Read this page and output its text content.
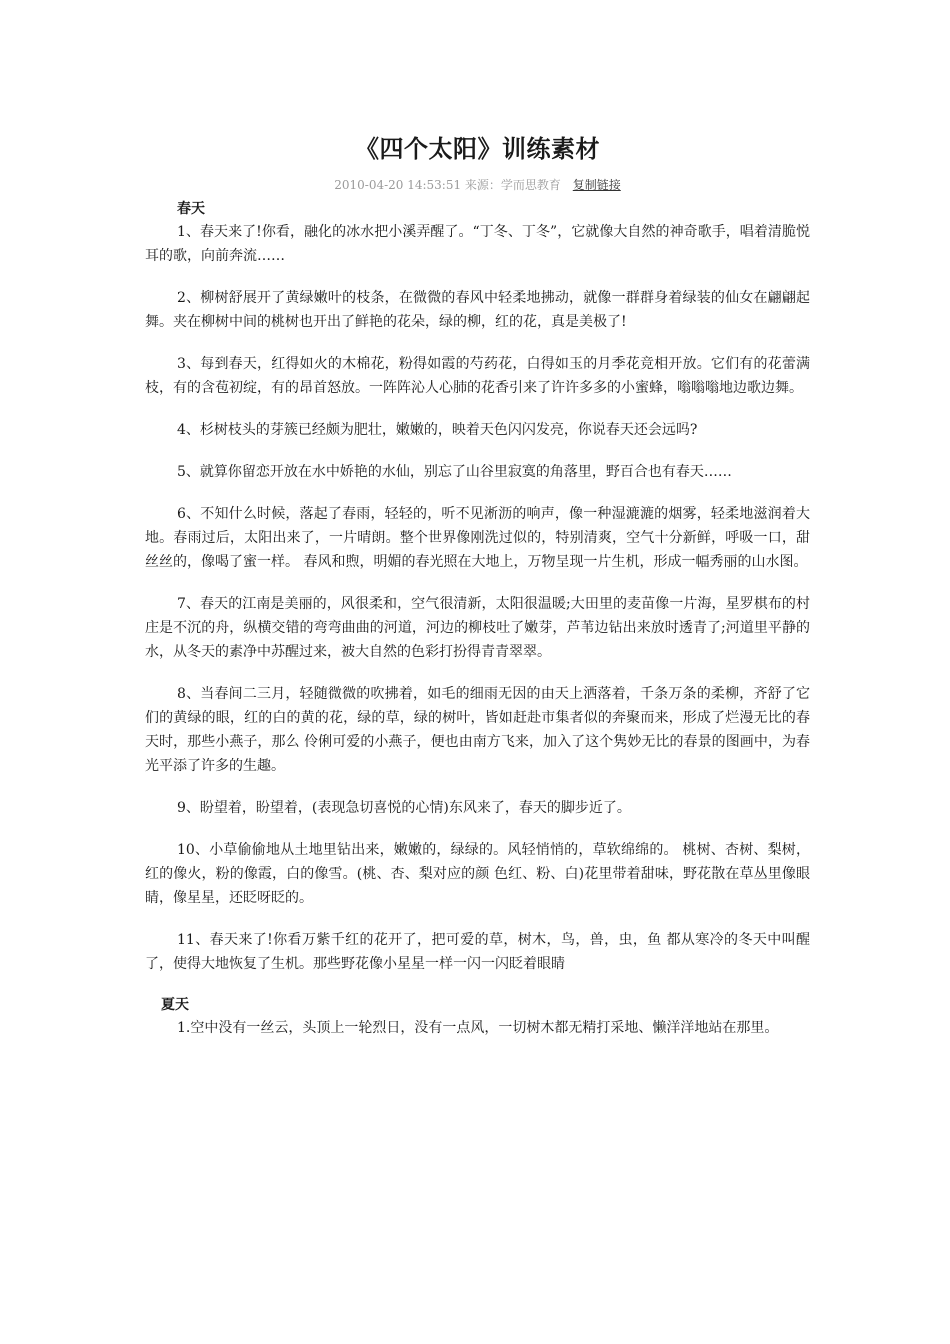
《四个太阳》训练素材
2010-04-20 14:53:51 来源：学而思教育 复制链接
春天

1、春天来了!你看，融化的冰水把小溪弄醒了。“丁冬、丁冬”，它就像大自然的神奇歌手，唱着清脆悦耳的歌，向前奔流……

2、柳树舒展开了黄绿嫩叶的枝条，在微微的春风中轻柔地拂动，就像一群群身着绿装的仙女在翩翩起舞。夹在柳树中间的桃树也开出了鲜艳的花朵，绿的柳，红的花，真是美极了!

3、每到春天，红得如火的木棉花，粉得如霞的芍药花，白得如玉的月季花竞相开放。它们有的花蕾满枝，有的含苞初绽，有的昂首怒放。一阵阵沁人心肺的花香引来了许许多多的小蜜蜂，嗡嗡嗡地边歌边舞。

4、杉树枝头的芽簇已经颇为肥壮，嫩嫩的，映着天色闪闪发亮，你说春天还会远吗?

5、就算你留恋开放在水中娇艳的水仙，别忘了山谷里寂寞的角落里，野百合也有春天……

6、不知什么时候，落起了春雨，轻轻的，听不见淅沥的响声，像一种湿漉漉的烟雾，轻柔地滋润着大地。春雨过后，太阳出来了，一片晴朗。整个世界像刚洗过似的，特别清爽，空气十分新鲜，呼吸一口，甜丝丝的，像喝了蜜一样。 春风和煦，明媚的春光照在大地上，万物呈现一片生机，形成一幅秀丽的山水图。

7、春天的江南是美丽的，风很柔和，空气很清新，太阳很温暖;大田里的麦苗像一片海，星罗棋布的村庄是不沉的舟，纵横交错的弯弯曲曲的河道，河边的柳枝吐了嫩芽，芦苇边钻出来放时透青了;河道里平静的水，从冬天的素净中苏醒过来，被大自然的色彩打扮得青青翠翠。

8、当春间二三月，轻随微微的吹拂着，如毛的细雨无因的由天上洒落着，千条万条的柔柳，齐舒了它们的黄绿的眼，红的白的黄的花，绿的草，绿的树叶，皆如赶赴市集者似的奔聚而来，形成了烂漫无比的春天时，那些小燕子，那么 伶俐可爱的小燕子，便也由南方飞来，加入了这个隽妙无比的春景的图画中，为春光平添了许多的生趣。

9、盼望着，盼望着，(表现急切喜悦的心情)东风来了，春天的脚步近了。

10、小草偷偷地从土地里钻出来，嫩嫩的，绿绿的。风轻悄悄的，草软绵绵的。 桃树、杏树、梨树，红的像火，粉的像霞，白的像雪。(桃、杏、梨对应的颜 色红、粉、白)花里带着甜味，野花散在草丛里像眼睛，像星星，还眨呀眨的。

11、春天来了!你看万紫千红的花开了，把可爱的草，树木，鸟，兽，虫，鱼 都从寒冷的冬天中叫醒了，使得大地恢复了生机。那些野花像小星星一样一闪一闪眨着眼睛

夏天

1.空中没有一丝云，头顶上一轮烈日，没有一点风，一切树木都无精打采地、懒洋洋地站在那里。
